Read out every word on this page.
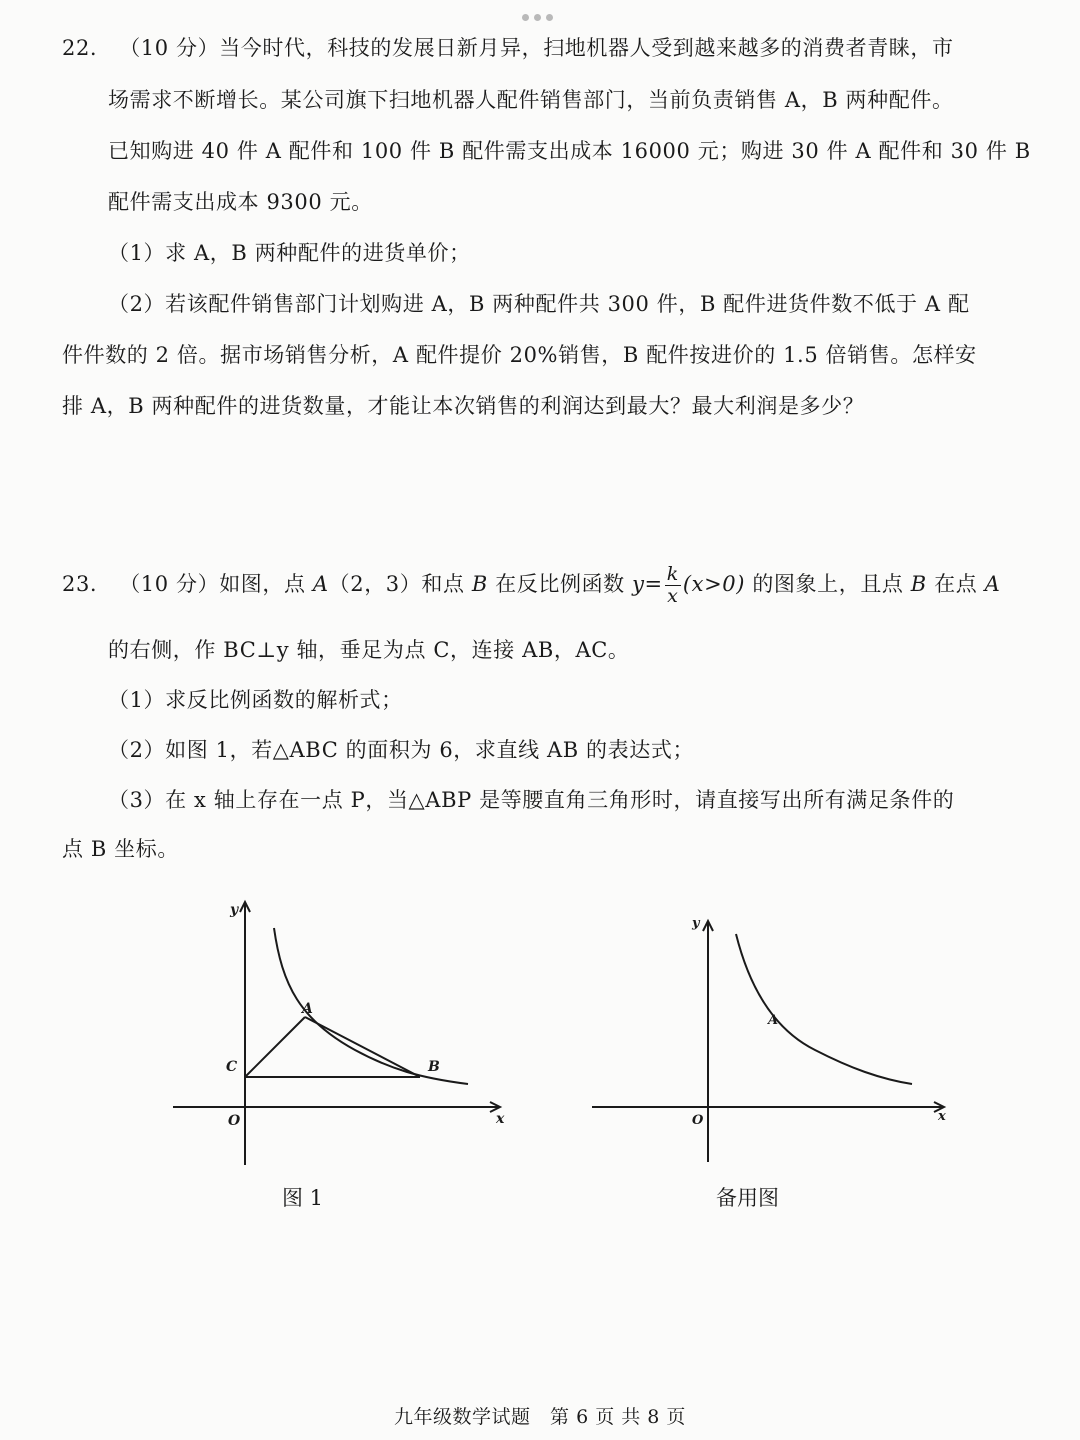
22. （10 分）当今时代，科技的发展日新月异，扫地机器人受到越来越多的消费者青睐，市
场需求不断增长。某公司旗下扫地机器人配件销售部门，当前负责销售 A，B 两种配件。
已知购进 40 件 A 配件和 100 件 B 配件需支出成本 16000 元；购进 30 件 A 配件和 30 件 B
配件需支出成本 9300 元。
（1）求 A，B 两种配件的进货单价；
（2）若该配件销售部门计划购进 A，B 两种配件共 300 件，B 配件进货件数不低于 A 配
件件数的 2 倍。据市场销售分析，A 配件提价 20%销售，B 配件按进价的 1.5 倍销售。怎样安
排 A，B 两种配件的进货数量，才能让本次销售的利润达到最大？最大利润是多少？
23. （10 分）如图，点 A（2，3）和点 B 在反比例函数 $y= \frac{k}{x} (x>0)$ 的图象上，且点 B 在点 A
的右侧，作 BC⊥y 轴，垂足为点 C，连接 AB，AC。
（1）求反比例函数的解析式；
（2）如图 1，若△ABC 的面积为 6，求直线 AB 的表达式；
（3）在 x 轴上存在一点 P，当△ABP 是等腰直角三角形时，请直接写出所有满足条件的
点 B 坐标。
y
x
O
A
B
C
y
x
O
A
图 1	备用图
九年级数学试题　第 6 页 共 8 页
